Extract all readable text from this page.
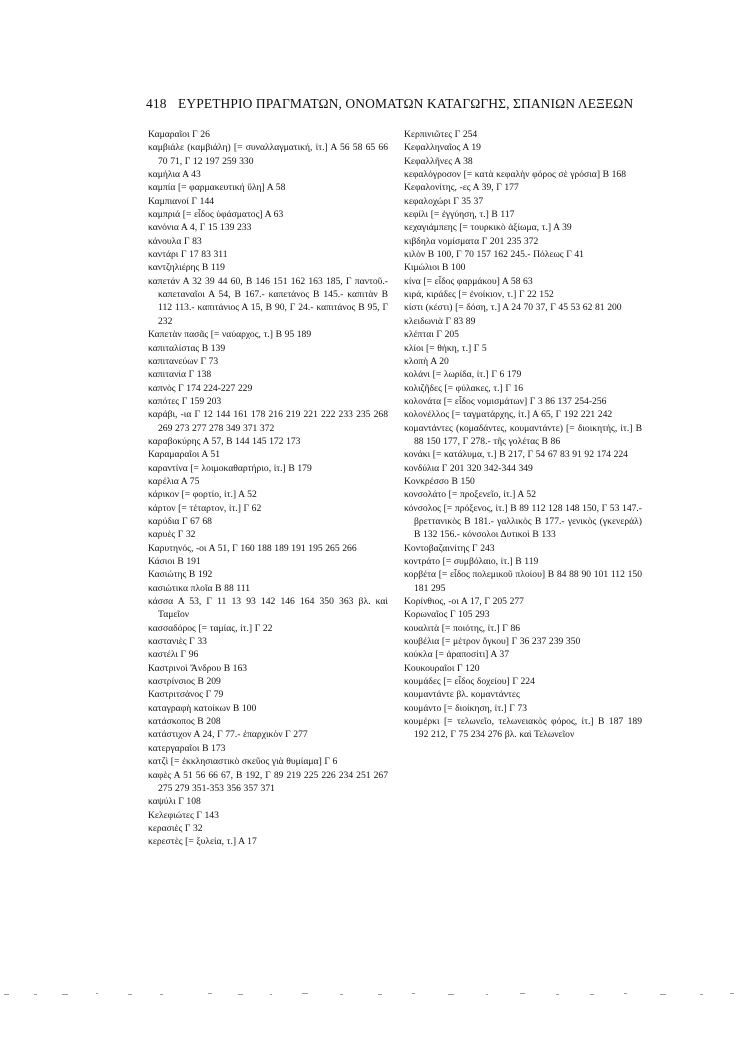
418 ΕΥΡΕΤΗΡΙΟ ΠΡΑΓΜΑΤΩΝ, ΟΝΟΜΑΤΩΝ ΚΑΤΑΓΩΓΗΣ, ΣΠΑΝΙΩΝ ΛΕΞΕΩΝ
Καμαραῖοι Γ 26
καμβιάλε (καμβιάλη) [= συναλλαγματική, ἰτ.] Α 56 58 65 66 70 71, Γ 12 197 259 330
καμήλια Α 43
καμπία [= φαρμακευτική ὕλη] Α 58
Καμπιανοί Γ 144
καμπριά [= εἶδος ὑφάσματος] Α 63
κανόνια Α 4, Γ 15 139 233
κάνουλα Γ 83
καντάρι Γ 17 83 311
καντζηλιέρης Β 119
καπετάν Α 32 39 44 60, Β 146 151 162 163 185, Γ παντοῦ.- καπεταναῖοι Α 54, Β 167.- καπετάνος Β 145.- καπιτὰν Β 112 113.- καπιτάνιος Α 15, Β 90, Γ 24.- καπιτάνος Β 95, Γ 232
Καπετὰν πασᾶς [= ναύαρχος, τ.] Β 95 189
καπιταλίστας Β 139
καπιτανεύων Γ 73
καπιτανία Γ 138
καπνὸς Γ 174 224-227 229
καπότες Γ 159 203
καράβι, -ια Γ 12 144 161 178 216 219 221 222 233 235 268 269 273 277 278 349 371 372
καραβοκύρης Α 57, Β 144 145 172 173
Καραμαραῖοι Α 51
καραντίνα [= λοιμοκαθαρτήριο, ἰτ.] Β 179
καρέλια Α 75
κάρικον [= φορτίο, ἰτ.] Α 52
κάρτον [= τέταρτον, ἰτ.] Γ 62
καρύδια Γ 67 68
καρυὲς Γ 32
Καρυτηνός, -οι Α 51, Γ 160 188 189 191 195 265 266
Κάσιοι Β 191
Κασιώτης Β 192
κασιώτικα πλοῖα Β 88 111
κάσσα Α 53, Γ 11 13 93 142 146 164 350 363 βλ. καὶ Ταμεῖον
κασσαδόρος [= ταμίας, ἰτ.] Γ 22
καστανιὲς Γ 33
καστέλι Γ 96
Καστρινοὶ Ἄνδρου Β 163
καστρίνσιος Β 209
Καστριτσάνος Γ 79
καταγραφὴ κατοίκων Β 100
κατάσκοπος Β 208
κατάστιχον Α 24, Γ 77.- ἐπαρχικὸν Γ 277
κατεργαραῖοι Β 173
κατζὶ [= ἐκκλησιαστικὸ σκεῦος γιὰ θυμίαμα] Γ 6
καφὲς Α 51 56 66 67, Β 192, Γ 89 219 225 226 234 251 267 275 279 351-353 356 357 371
καψύλι Γ 108
Κελεφιώτες Γ 143
κερασιὲς Γ 32
κερεστὲς [= ξυλεία, τ.] Α 17
Κερπινιῶτες Γ 254
Κεφαλληναῖος Α 19
Κεφαλλῆνες Α 38
κεφαλόγροσον [= κατὰ κεφαλὴν φόρος σὲ γρόσια] Β 168
Κεφαλονίτης, -ες Α 39, Γ 177
κεφαλοχώρι Γ 35 37
κεφίλι [= ἐγγύηση, τ.] Β 117
κεχαγιάμπεης [= τουρκικὸ ἀξίωμα, τ.] Α 39
κιβδηλα νομίσματα Γ 201 235 372
κιλὸν Β 100, Γ 70 157 162 245.- Πόλεως Γ 41
Κιμώλιοι Β 100
κίνα [= εἶδος φαρμάκου] Α 58 63
κιρά, κιράδες [= ἐνοίκιον, τ.] Γ 22 152
κίστι (κέστι) [= δόση, τ.] Α 24 70 37, Γ 45 53 62 81 200
κλειδωνιὰ Γ 83 89
κλέπται Γ 205
κλίοι [= θήκη, τ.] Γ 5
κλοπὴ Α 20
κολάνι [= λωρίδα, ἰτ.] Γ 6 179
κολιζῆδες [= φύλακες, τ.] Γ 16
κολονάτα [= εἶδος νομισμάτων] Γ 3 86 137 254-256
κολονέλλος [= ταγματάρχης, ἰτ.] Α 65, Γ 192 221 242
κομαντάντες (κομαδάντες, κουμαντάντε) [= διοικητής, ἰτ.] Β 88 150 177, Γ 278.- τῆς γολέτας Β 86
κονάκι [= κατάλυμα, τ.] Β 217, Γ 54 67 83 91 92 174 224
κονδύλια Γ 201 320 342-344 349
Κονκρέσσο Β 150
κονσολάτο [= προξενεῖο, ἰτ.] Α 52
κόνσολος [= πρόξενος, ἰτ.] Β 89 112 128 148 150, Γ 53 147.- βρεττανικὸς Β 181.- γαλλικὸς Β 177.- γενικὸς (γκενεράλ) Β 132 156.- κόνσολοι Δυτικοὶ Β 133
Κοντοβαζαινίτης Γ 243
κοντράτο [= συμβόλαιο, ἰτ.] Β 119
κορβέτα [= εἶδος πολεμικοῦ πλοίου] Β 84 88 90 101 112 150 181 295
Κορίνθιος, -οι Α 17, Γ 205 277
Κορωναῖος Γ 105 293
κουαλιτὰ [= ποιότης, ἰτ.] Γ 86
κουβέλια [= μέτρον ὄγκου] Γ 36 237 239 350
κούκλα [= ἀραποσίτι] Α 37
Κουκουραῖοι Γ 120
κουμάδες [= εἶδος δοχείου] Γ 224
κουμαντάντε βλ. κομαντάντες
κουμάντο [= διοίκηση, ἰτ.] Γ 73
κουμέρκι [= τελωνεῖο, τελωνειακὸς φόρος, ἰτ.] Β 187 189 192 212, Γ 75 234 276 βλ. καὶ Τελωνεῖον
